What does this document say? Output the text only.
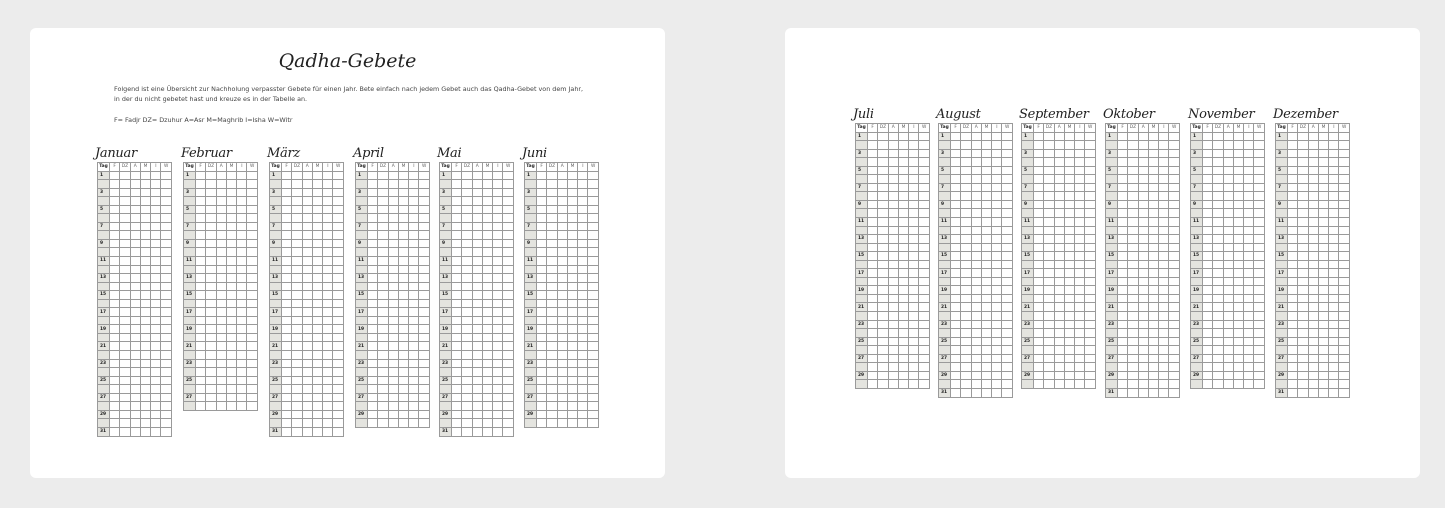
Qadha-Gebete
Folgend ist eine Übersicht zur Nachholung verpasster Gebete für einen Jahr. Bete einfach nach jedem Gebet auch das Qadha-Gebet von dem Jahr, in der du nicht gebetet hast und kreuze es in der Tabelle an.
F= Fadjr DZ= Dzuhur A=Asr M=Maghrib I=Isha W=Witr
Januar
Tag	F	DZ	A	M	I	W
1						

3						

5						

7						

9						

11						

13						

15						

17						

19						

21						

23						

25						

27						

29						

31						
Februar
Tag	F	DZ	A	M	I	W
1						

3						

5						

7						

9						

11						

13						

15						

17						

19						

21						

23						

25						

27						

März
Tag	F	DZ	A	M	I	W
1						

3						

5						

7						

9						

11						

13						

15						

17						

19						

21						

23						

25						

27						

29						

31						
April
Tag	F	DZ	A	M	I	W
1						

3						

5						

7						

9						

11						

13						

15						

17						

19						

21						

23						

25						

27						

29						

Mai
Tag	F	DZ	A	M	I	W
1						

3						

5						

7						

9						

11						

13						

15						

17						

19						

21						

23						

25						

27						

29						

31						
Juni
Tag	F	DZ	A	M	I	W
1						

3						

5						

7						

9						

11						

13						

15						

17						

19						

21						

23						

25						

27						

29						

Juli
Tag	F	DZ	A	M	I	W
1						

3						

5						

7						

9						

11						

13						

15						

17						

19						

21						

23						

25						

27						

29						

August
Tag	F	DZ	A	M	I	W
1						

3						

5						

7						

9						

11						

13						

15						

17						

19						

21						

23						

25						

27						

29						

31						
September
Tag	F	DZ	A	M	I	W
1						

3						

5						

7						

9						

11						

13						

15						

17						

19						

21						

23						

25						

27						

29						

Oktober
Tag	F	DZ	A	M	I	W
1						

3						

5						

7						

9						

11						

13						

15						

17						

19						

21						

23						

25						

27						

29						

31						
November
Tag	F	DZ	A	M	I	W
1						

3						

5						

7						

9						

11						

13						

15						

17						

19						

21						

23						

25						

27						

29						

Dezember
Tag	F	DZ	A	M	I	W
1						

3						

5						

7						

9						

11						

13						

15						

17						

19						

21						

23						

25						

27						

29						

31						
